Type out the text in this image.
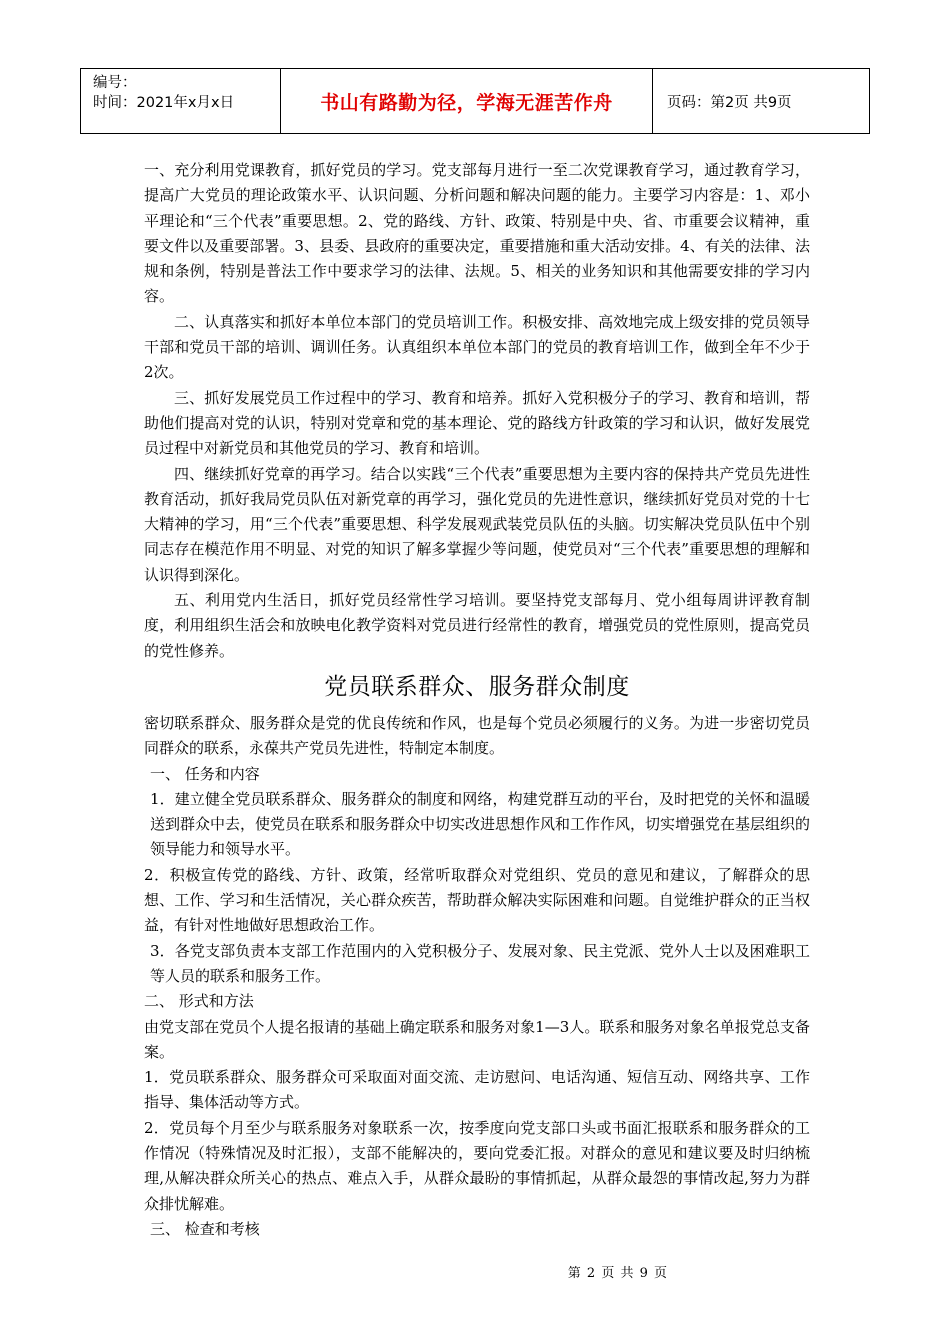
编号：
时间：2021年x月x日	书山有路勤为径，学海无涯苦作舟	页码：第2页 共9页

一、充分利用党课教育，抓好党员的学习。党支部每月进行一至二次党课教育学习，通过教育学习，提高广大党员的理论政策水平、认识问题、分析问题和解决问题的能力。主要学习内容是：1、邓小平理论和“三个代表”重要思想。2、党的路线、方针、政策、特别是中央、省、市重要会议精神，重要文件以及重要部署。3、县委、县政府的重要决定，重要措施和重大活动安排。4、有关的法律、法规和条例，特别是普法工作中要求学习的法律、法规。5、相关的业务知识和其他需要安排的学习内容。

二、认真落实和抓好本单位本部门的党员培训工作。积极安排、高效地完成上级安排的党员领导干部和党员干部的培训、调训任务。认真组织本单位本部门的党员的教育培训工作，做到全年不少于2次。

三、抓好发展党员工作过程中的学习、教育和培养。抓好入党积极分子的学习、教育和培训，帮助他们提高对党的认识，特别对党章和党的基本理论、党的路线方针政策的学习和认识，做好发展党员过程中对新党员和其他党员的学习、教育和培训。

四、继续抓好党章的再学习。结合以实践“三个代表”重要思想为主要内容的保持共产党员先进性教育活动，抓好我局党员队伍对新党章的再学习，强化党员的先进性意识，继续抓好党员对党的十七大精神的学习，用“三个代表”重要思想、科学发展观武装党员队伍的头脑。切实解决党员队伍中个别同志存在模范作用不明显、对党的知识了解多掌握少等问题，使党员对“三个代表”重要思想的理解和认识得到深化。

五、利用党内生活日，抓好党员经常性学习培训。要坚持党支部每月、党小组每周讲评教育制度，利用组织生活会和放映电化教学资料对党员进行经常性的教育，增强党员的党性原则，提高党员的党性修养。

党员联系群众、服务群众制度

密切联系群众、服务群众是党的优良传统和作风，也是每个党员必须履行的义务。为进一步密切党员同群众的联系，永葆共产党员先进性，特制定本制度。

一、 任务和内容

1．建立健全党员联系群众、服务群众的制度和网络，构建党群互动的平台，及时把党的关怀和温暖送到群众中去，使党员在联系和服务群众中切实改进思想作风和工作作风，切实增强党在基层组织的领导能力和领导水平。

2．积极宣传党的路线、方针、政策，经常听取群众对党组织、党员的意见和建议，了解群众的思想、工作、学习和生活情况，关心群众疾苦，帮助群众解决实际困难和问题。自觉维护群众的正当权益，有针对性地做好思想政治工作。

3．各党支部负责本支部工作范围内的入党积极分子、发展对象、民主党派、党外人士以及困难职工等人员的联系和服务工作。

二、 形式和方法

由党支部在党员个人提名报请的基础上确定联系和服务对象1—3人。联系和服务对象名单报党总支备案。

1．党员联系群众、服务群众可采取面对面交流、走访慰问、电话沟通、短信互动、网络共享、工作指导、集体活动等方式。

2．党员每个月至少与联系服务对象联系一次，按季度向党支部口头或书面汇报联系和服务群众的工作情况（特殊情况及时汇报），支部不能解决的，要向党委汇报。对群众的意见和建议要及时归纳梳理,从解决群众所关心的热点、难点入手，从群众最盼的事情抓起，从群众最怨的事情改起,努力为群众排忧解难。

三、 检查和考核

第 2 页 共 9 页
